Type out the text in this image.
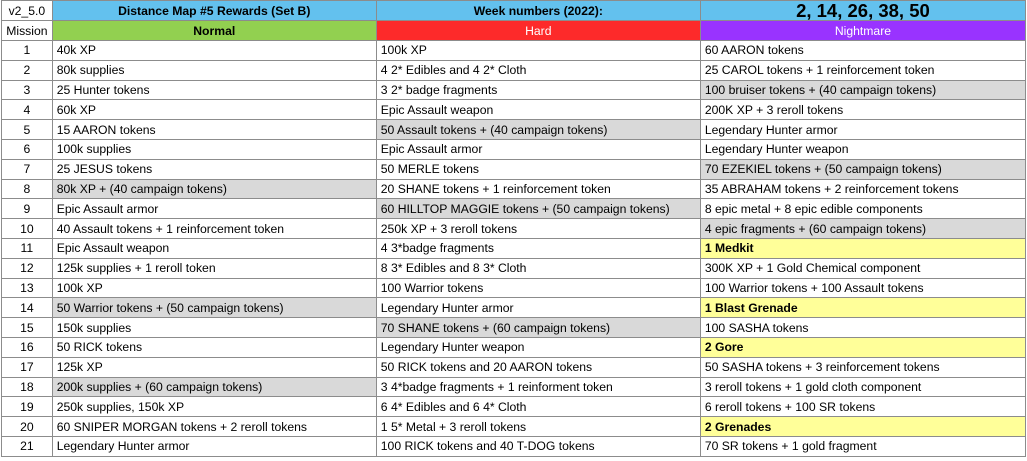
v2_5.0	Distance Map #5 Rewards (Set B)	Week numbers (2022):	2, 14, 26, 38, 50
Mission	Normal	Hard	Nightmare
1	40k XP	100k XP	60 AARON tokens
2	80k supplies	4 2* Edibles and 4 2* Cloth	25 CAROL tokens + 1 reinforcement token
3	25 Hunter tokens	3 2* badge fragments	100 bruiser tokens + (40 campaign tokens)
4	60k XP	Epic Assault weapon	200K XP + 3 reroll tokens
5	15 AARON tokens	50 Assault tokens + (40 campaign tokens)	Legendary Hunter armor
6	100k supplies	Epic Assault armor	Legendary Hunter weapon
7	25 JESUS tokens	50 MERLE tokens	70 EZEKIEL tokens + (50 campaign tokens)
8	80k XP + (40 campaign tokens)	20 SHANE tokens + 1 reinforcement token	35 ABRAHAM tokens + 2 reinforcement tokens
9	Epic Assault armor	60 HILLTOP MAGGIE tokens + (50 campaign tokens)	8 epic metal + 8 epic edible components
10	40 Assault tokens + 1 reinforcement token	250k XP + 3 reroll tokens	4 epic fragments + (60 campaign tokens)
11	Epic Assault weapon	4 3*badge fragments	1 Medkit
12	125k supplies + 1 reroll token	8 3* Edibles and 8 3* Cloth	300K XP + 1 Gold Chemical component
13	100k XP	100 Warrior tokens	100 Warrior tokens + 100 Assault tokens
14	50 Warrior tokens + (50 campaign tokens)	Legendary Hunter armor	1 Blast Grenade
15	150k supplies	70 SHANE tokens + (60 campaign tokens)	100 SASHA tokens
16	50 RICK tokens	Legendary Hunter weapon	2 Gore
17	125k XP	50 RICK tokens and 20 AARON tokens	50 SASHA tokens + 3 reinforcement tokens
18	200k supplies + (60 campaign tokens)	3 4*badge fragments + 1 reinforment token	3 reroll tokens + 1 gold cloth component
19	250k supplies, 150k XP	6 4* Edibles and 6 4* Cloth	6 reroll tokens + 100 SR tokens
20	60 SNIPER MORGAN tokens + 2 reroll tokens	1 5* Metal + 3 reroll tokens	2 Grenades
21	Legendary Hunter armor	100 RICK tokens and 40 T-DOG tokens	70 SR tokens + 1 gold fragment
